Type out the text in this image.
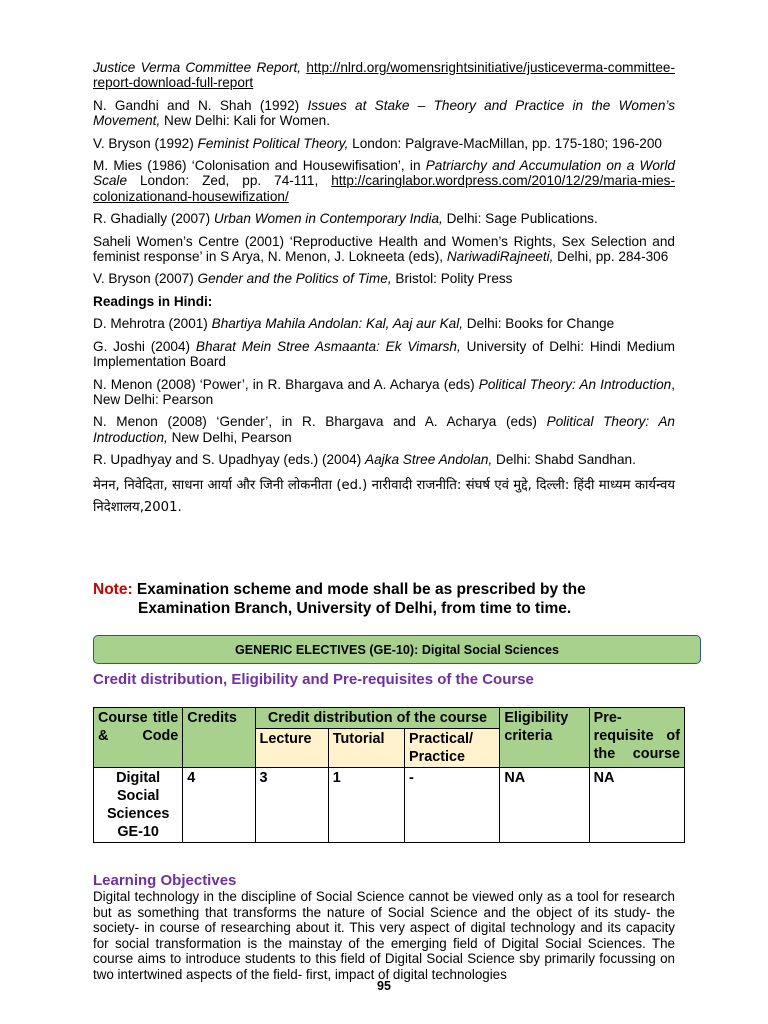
Justice Verma Committee Report, http://nlrd.org/womensrightsinitiative/justiceverma-committee-report-download-full-report

N. Gandhi and N. Shah (1992) Issues at Stake – Theory and Practice in the Women’s Movement, New Delhi: Kali for Women.

V. Bryson (1992) Feminist Political Theory, London: Palgrave-MacMillan, pp. 175-180; 196-200

M. Mies (1986) ‘Colonisation and Housewifisation’, in Patriarchy and Accumulation on a World Scale London: Zed, pp. 74-111, http://caringlabor.wordpress.com/2010/12/29/maria-mies-colonizationand-housewifization/

R. Ghadially (2007) Urban Women in Contemporary India, Delhi: Sage Publications.

Saheli Women’s Centre (2001) ‘Reproductive Health and Women’s Rights, Sex Selection and feminist response’ in S Arya, N. Menon, J. Lokneeta (eds), NariwadiRajneeti, Delhi, pp. 284-306

V. Bryson (2007) Gender and the Politics of Time, Bristol: Polity Press

Readings in Hindi:

D. Mehrotra (2001) Bhartiya Mahila Andolan: Kal, Aaj aur Kal, Delhi: Books for Change

G. Joshi (2004) Bharat Mein Stree Asmaanta: Ek Vimarsh, University of Delhi: Hindi Medium Implementation Board

N. Menon (2008) ‘Power’, in R. Bhargava and A. Acharya (eds) Political Theory: An Introduction, New Delhi: Pearson

N. Menon (2008) ‘Gender’, in R. Bhargava and A. Acharya (eds) Political Theory: An Introduction, New Delhi, Pearson

R. Upadhyay and S. Upadhyay (eds.) (2004) Aajka Stree Andolan, Delhi: Shabd Sandhan.

मेनन, निवेदिता, साधना आर्या और जिनी लोकनीता (ed.) नारीवादी राजनीति: संघर्ष एवं मुद्दे, दिल्ली: हिंदी माध्यम कार्यन्वय निदेशालय,2001.

Note: Examination scheme and mode shall be as prescribed by the
Examination Branch, University of Delhi, from time to time.
GENERIC ELECTIVES (GE-10): Digital Social Sciences
Credit distribution, Eligibility and Pre-requisites of the Course
Course title & Code	Credits	Credit distribution of the course			Eligibility criteria	Pre-requisite of the course
		Lecture	Tutorial	Practical/ Practice		
Digital Social Sciences GE-10	4	3	1	-	NA	NA
Learning Objectives

Digital technology in the discipline of Social Science cannot be viewed only as a tool for research but as something that transforms the nature of Social Science and the object of its study- the society- in course of researching about it. This very aspect of digital technology and its capacity for social transformation is the mainstay of the emerging field of Digital Social Sciences. The course aims to introduce students to this field of Digital Social Science sby primarily focussing on two intertwined aspects of the field- first, impact of digital technologies

95
